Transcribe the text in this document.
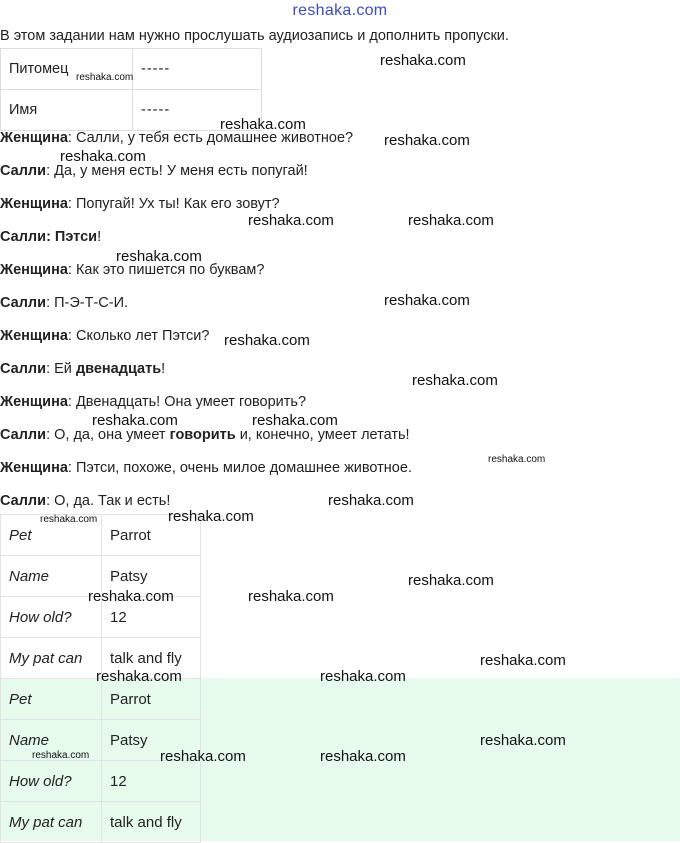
reshaka.com
В этом задании нам нужно прослушать аудиозапись и дополнить пропуски.
Питомец	-----
Имя	-----
Женщина: Салли, у тебя есть домашнее животное?
Салли: Да, у меня есть! У меня есть попугай!
Женщина: Попугай! Ух ты! Как его зовут?
Салли: Пэтси!
Женщина: Как это пишется по буквам?
Салли: П-Э-Т-С-И.
Женщина: Сколько лет Пэтси?
Салли: Ей двенадцать!
Женщина: Двенадцать! Она умеет говорить?
Салли: О, да, она умеет говорить и, конечно, умеет летать!
Женщина: Пэтси, похоже, очень милое домашнее животное.
Салли: О, да. Так и есть!
Pet	Parrot
Name	Patsy
How old?	12
My pat can	talk and fly
Pet	Parrot
Name	Patsy
How old?	12
My pat can	talk and fly
reshaka.com
reshaka.com
reshaka.com
reshaka.com
reshaka.com
reshaka.com	reshaka.com
reshaka.com
reshaka.com
reshaka.com
reshaka.com
reshaka.com	reshaka.com
reshaka.com
reshaka.com
reshaka.com	reshaka.com
reshaka.com
reshaka.com	reshaka.com
reshaka.com
reshaka.com	reshaka.com
reshaka.com
reshaka.com	reshaka.com	reshaka.com
